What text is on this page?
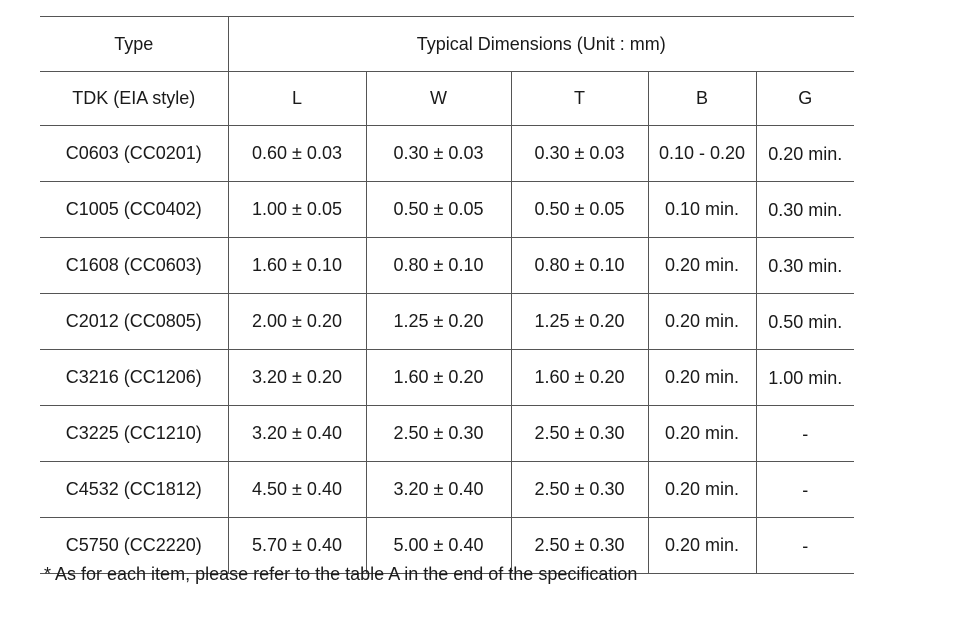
Type	Typical Dimensions (Unit : mm)				
TDK (EIA style)	L	W	T	B	G
C0603 (CC0201)	0.60 ± 0.03	0.30 ± 0.03	0.30 ± 0.03	0.10 - 0.20	0.20 min.
C1005 (CC0402)	1.00 ± 0.05	0.50 ± 0.05	0.50 ± 0.05	0.10 min.	0.30 min.
C1608 (CC0603)	1.60 ± 0.10	0.80 ± 0.10	0.80 ± 0.10	0.20 min.	0.30 min.
C2012 (CC0805)	2.00 ± 0.20	1.25 ± 0.20	1.25 ± 0.20	0.20 min.	0.50 min.
C3216 (CC1206)	3.20 ± 0.20	1.60 ± 0.20	1.60 ± 0.20	0.20 min.	1.00 min.
C3225 (CC1210)	3.20 ± 0.40	2.50 ± 0.30	2.50 ± 0.30	0.20 min.	-
C4532 (CC1812)	4.50 ± 0.40	3.20 ± 0.40	2.50 ± 0.30	0.20 min.	-
C5750 (CC2220)	5.70 ± 0.40	5.00 ± 0.40	2.50 ± 0.30	0.20 min.	-
* As for each item, please refer to the table A in the end of the specification
